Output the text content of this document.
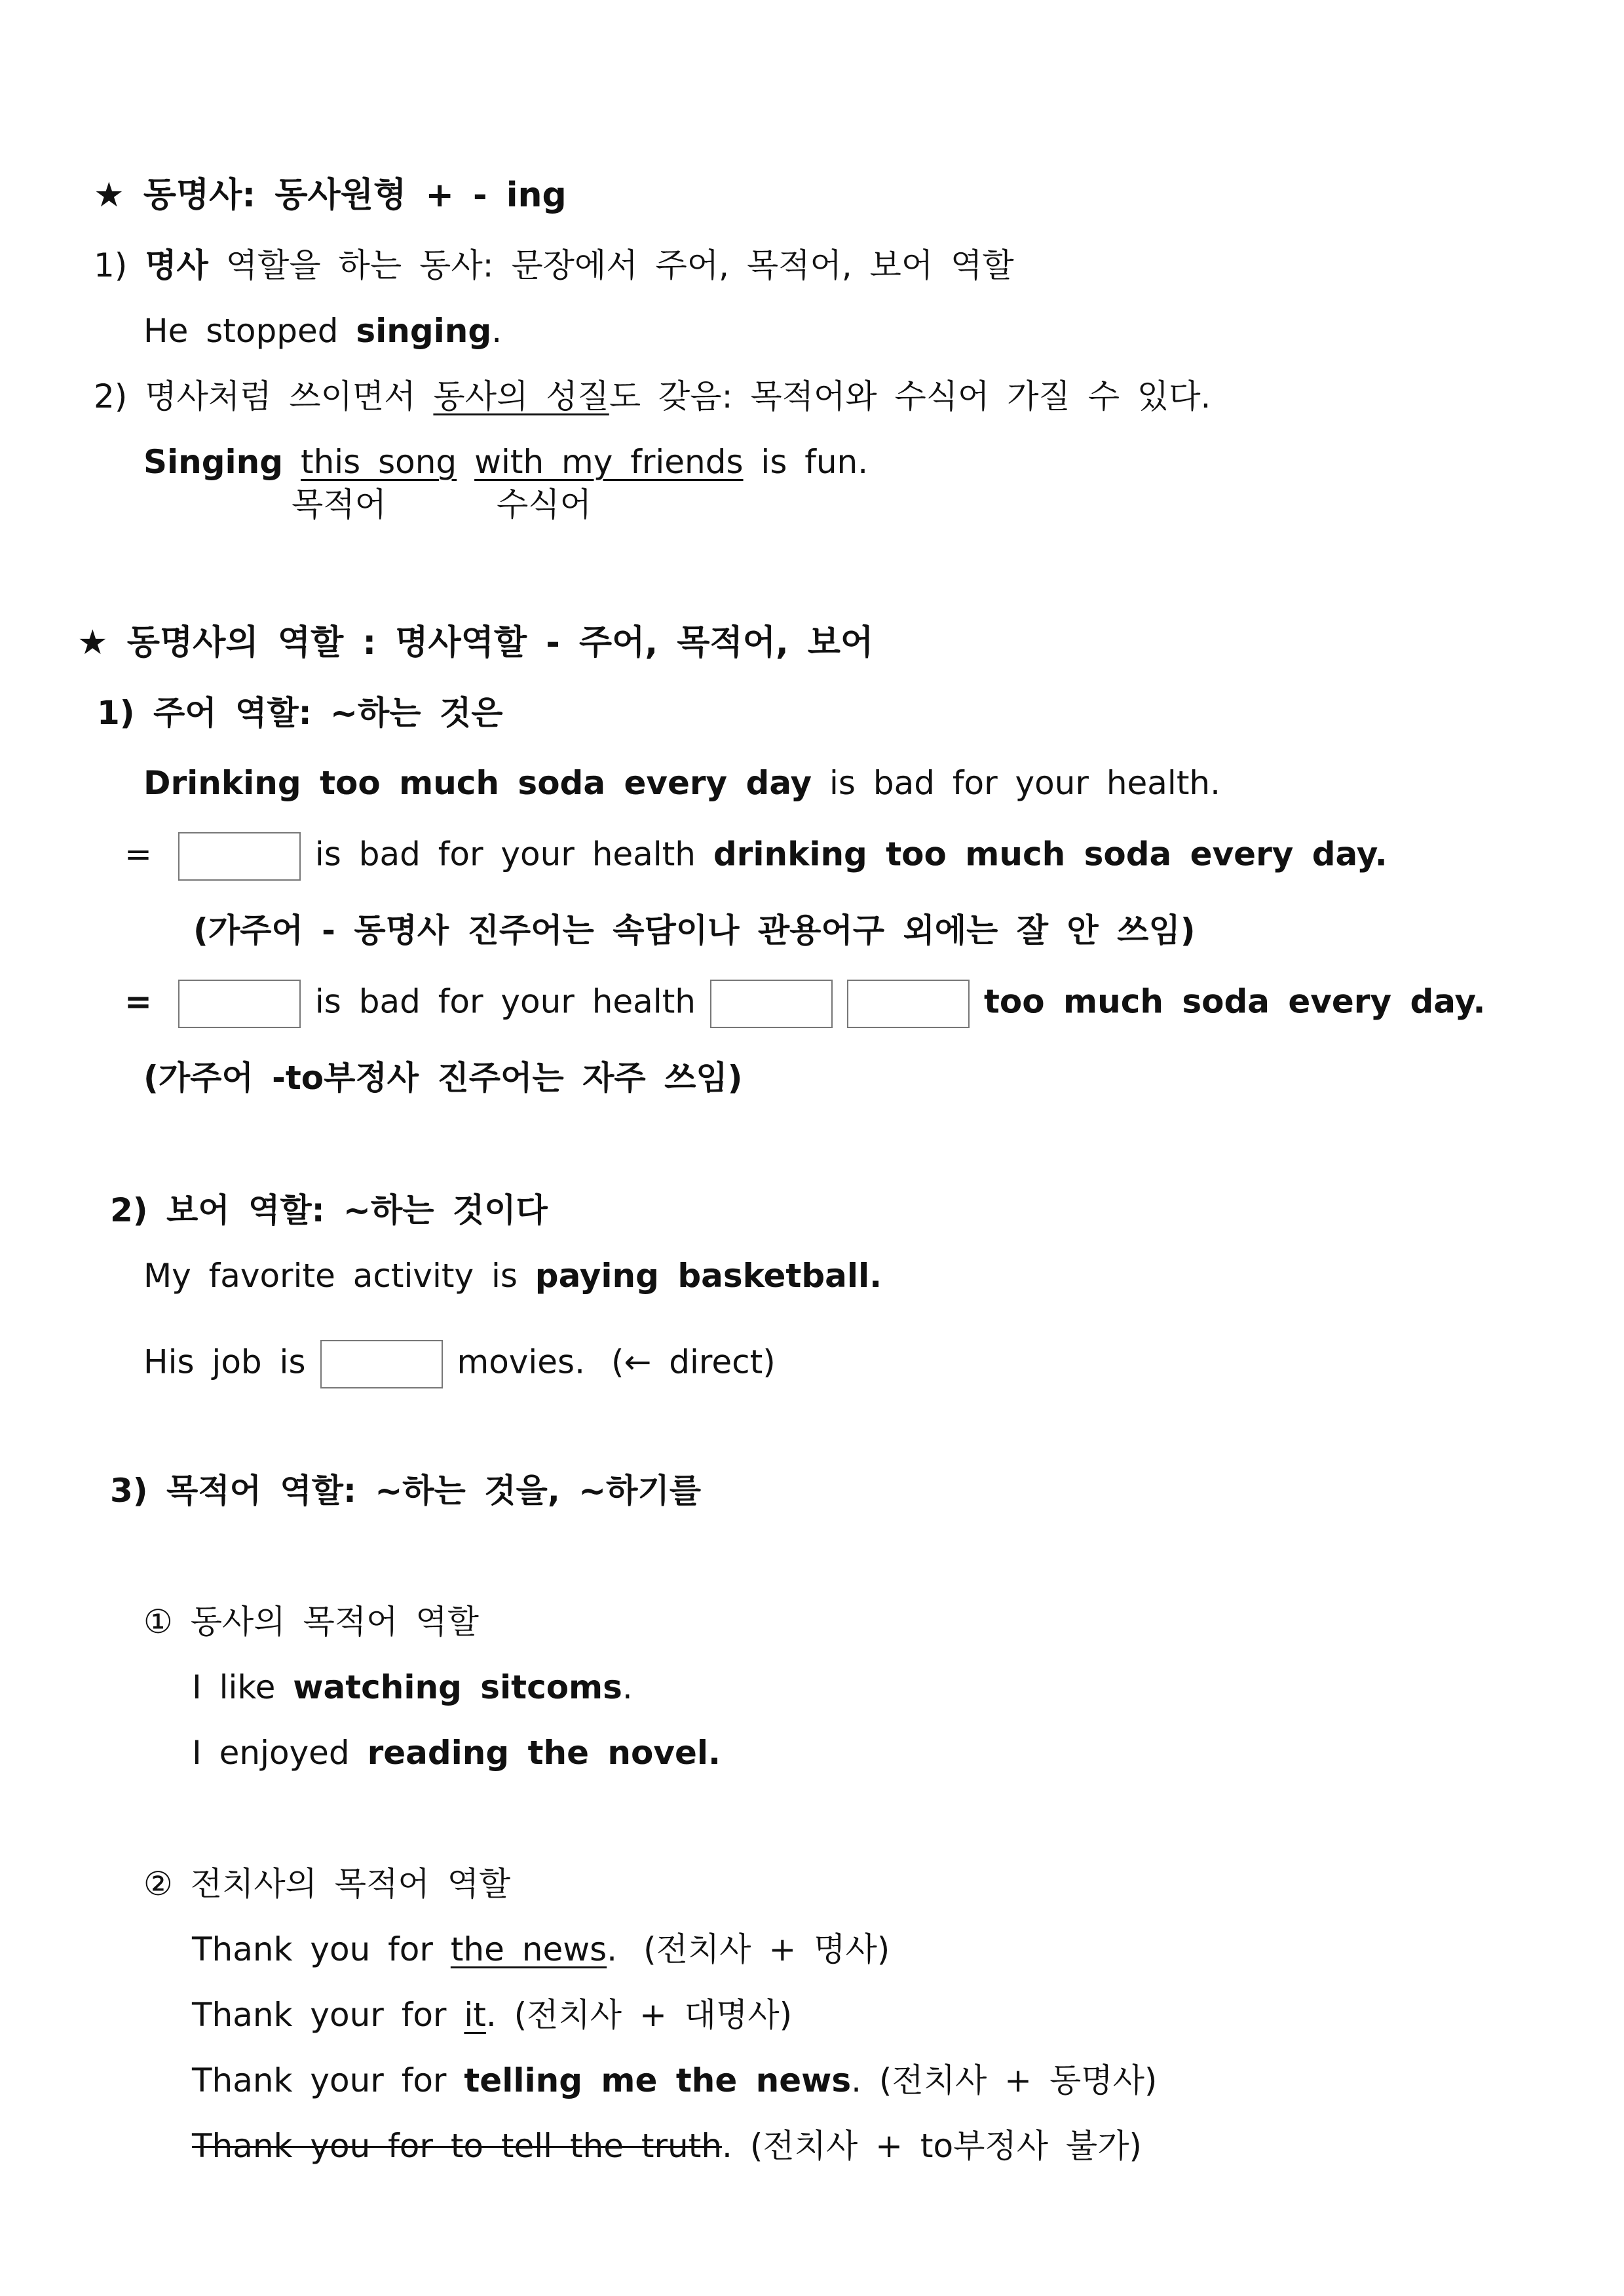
★ 동명사: 동사원형 + - ing
1) 명사 역할을 하는 동사: 문장에서 주어, 목적어, 보어 역할
He stopped singing.
2) 명사처럼 쓰이면서 동사의 성질도 갖음: 목적어와 수식어 가질 수 있다.
Singing this song with my friends is fun.
목적어	수식어
★ 동명사의 역할 : 명사역할 - 주어, 목적어, 보어
1) 주어 역할: ~하는 것은
Drinking too much soda every day is bad for your health.
=	is bad for your health drinking too much soda every day.
(가주어 - 동명사 진주어는 속담이나 관용어구 외에는 잘 안 쓰임)
=	is bad for your health	too much soda every day.
(가주어 -to부정사 진주어는 자주 쓰임)
2) 보어 역할: ~하는 것이다
My favorite activity is paying basketball.
His job is	movies. (← direct)
3) 목적어 역할: ~하는 것을, ~하기를
① 동사의 목적어 역할
I like watching sitcoms.
I enjoyed reading the novel.
② 전치사의 목적어 역할
Thank you for the news. (전치사 + 명사)
Thank your for it. (전치사 + 대명사)
Thank your for telling me the news. (전치사 + 동명사)
Thank you for to tell the truth. (전치사 + to부정사 불가)
